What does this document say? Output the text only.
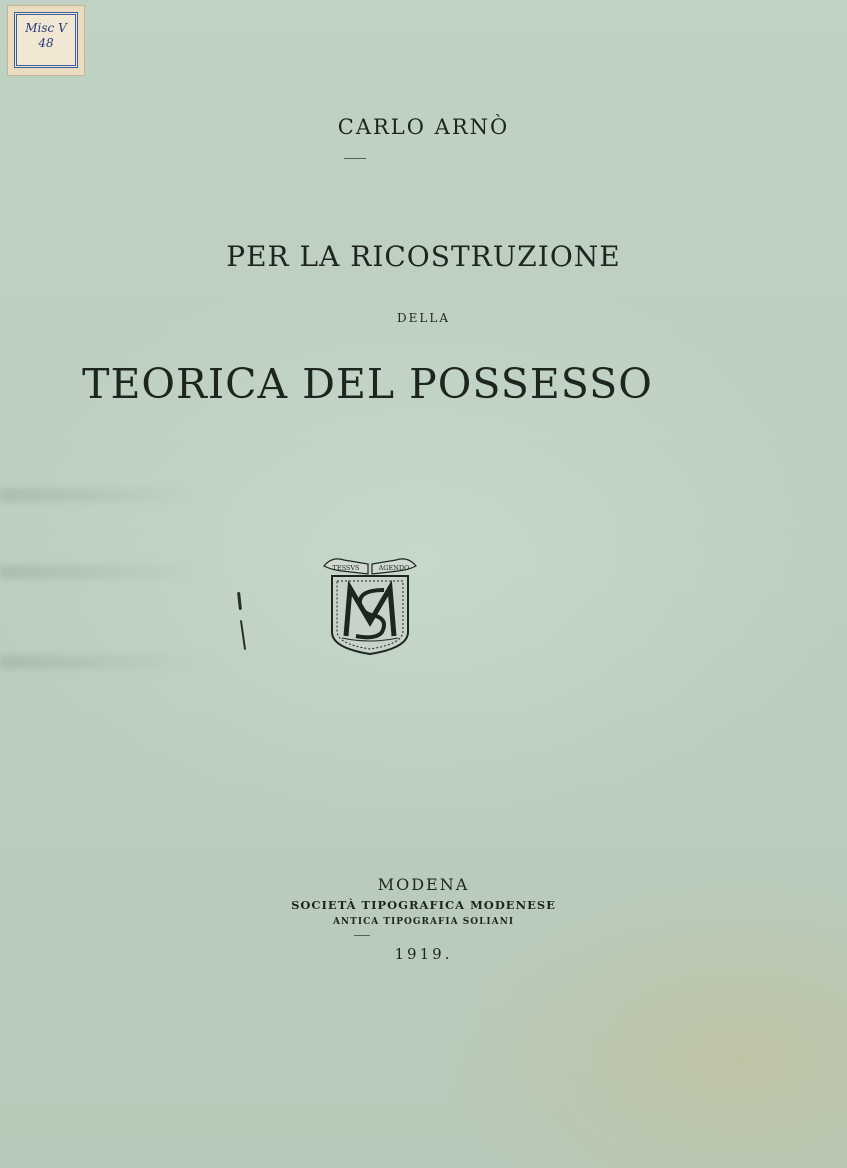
Misc V
48
CARLO ARNÒ
PER LA RICOSTRUZIONE
DELLA
TEORICA DEL POSSESSO
TESSVS	AGENDO
MODENA
SOCIETÀ TIPOGRAFICA MODENESE
ANTICA TIPOGRAFIA SOLIANI
1919.
